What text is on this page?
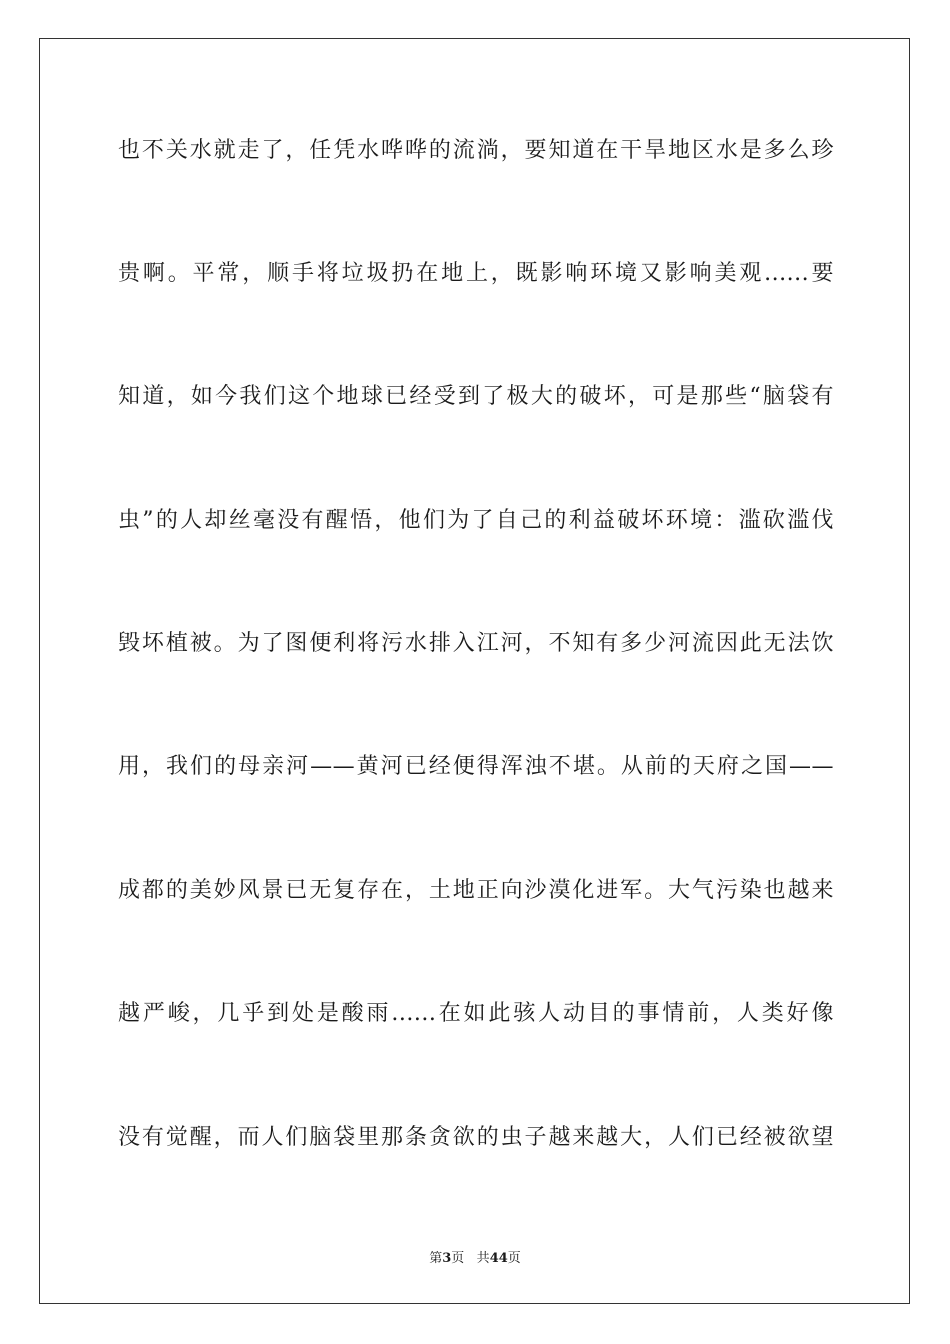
也不关水就走了，任凭水哗哗的流淌，要知道在干旱地区水是多么珍
贵啊。平常，顺手将垃圾扔在地上，既影响环境又影响美观......要
知道，如今我们这个地球已经受到了极大的破坏，可是那些“脑袋有
虫”的人却丝毫没有醒悟，他们为了自己的利益破坏环境：滥砍滥伐
毁坏植被。为了图便利将污水排入江河，不知有多少河流因此无法饮
用，我们的母亲河——黄河已经便得浑浊不堪。从前的天府之国——
成都的美妙风景已无复存在，土地正向沙漠化进军。大气污染也越来
越严峻，几乎到处是酸雨......在如此骇人动目的事情前，人类好像
没有觉醒，而人们脑袋里那条贪欲的虫子越来越大，人们已经被欲望
第3页 共44页
